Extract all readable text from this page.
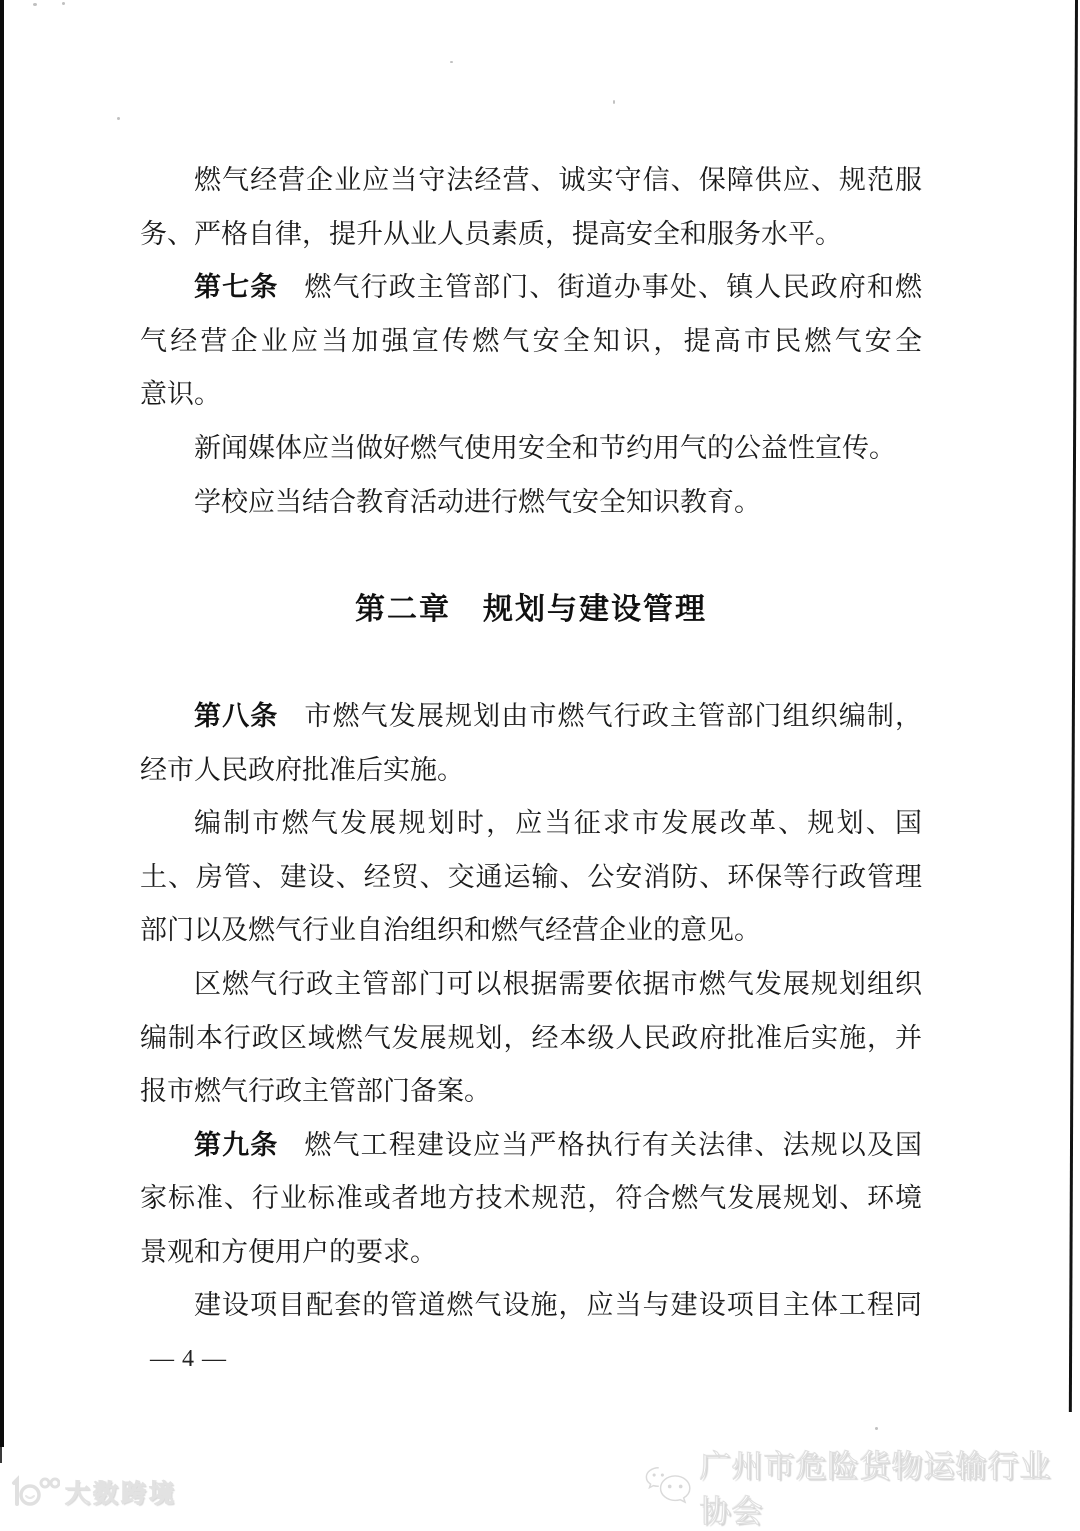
燃气经营企业应当守法经营、诚实守信、保障供应、规范服
务、严格自律，提升从业人员素质，提高安全和服务水平。
第七条 燃气行政主管部门、街道办事处、镇人民政府和燃
气经营企业应当加强宣传燃气安全知识，提高市民燃气安全
意识。
新闻媒体应当做好燃气使用安全和节约用气的公益性宣传。
学校应当结合教育活动进行燃气安全知识教育。
第二章　规划与建设管理
第八条 市燃气发展规划由市燃气行政主管部门组织编制，
经市人民政府批准后实施。
编制市燃气发展规划时，应当征求市发展改革、规划、国
土、房管、建设、经贸、交通运输、公安消防、环保等行政管理
部门以及燃气行业自治组织和燃气经营企业的意见。
区燃气行政主管部门可以根据需要依据市燃气发展规划组织
编制本行政区域燃气发展规划，经本级人民政府批准后实施，并
报市燃气行政主管部门备案。
第九条 燃气工程建设应当严格执行有关法律、法规以及国
家标准、行业标准或者地方技术规范，符合燃气发展规划、环境
景观和方便用户的要求。
建设项目配套的管道燃气设施，应当与建设项目主体工程同
— 4 —
大数跨境
广州市危险货物运输行业协会
